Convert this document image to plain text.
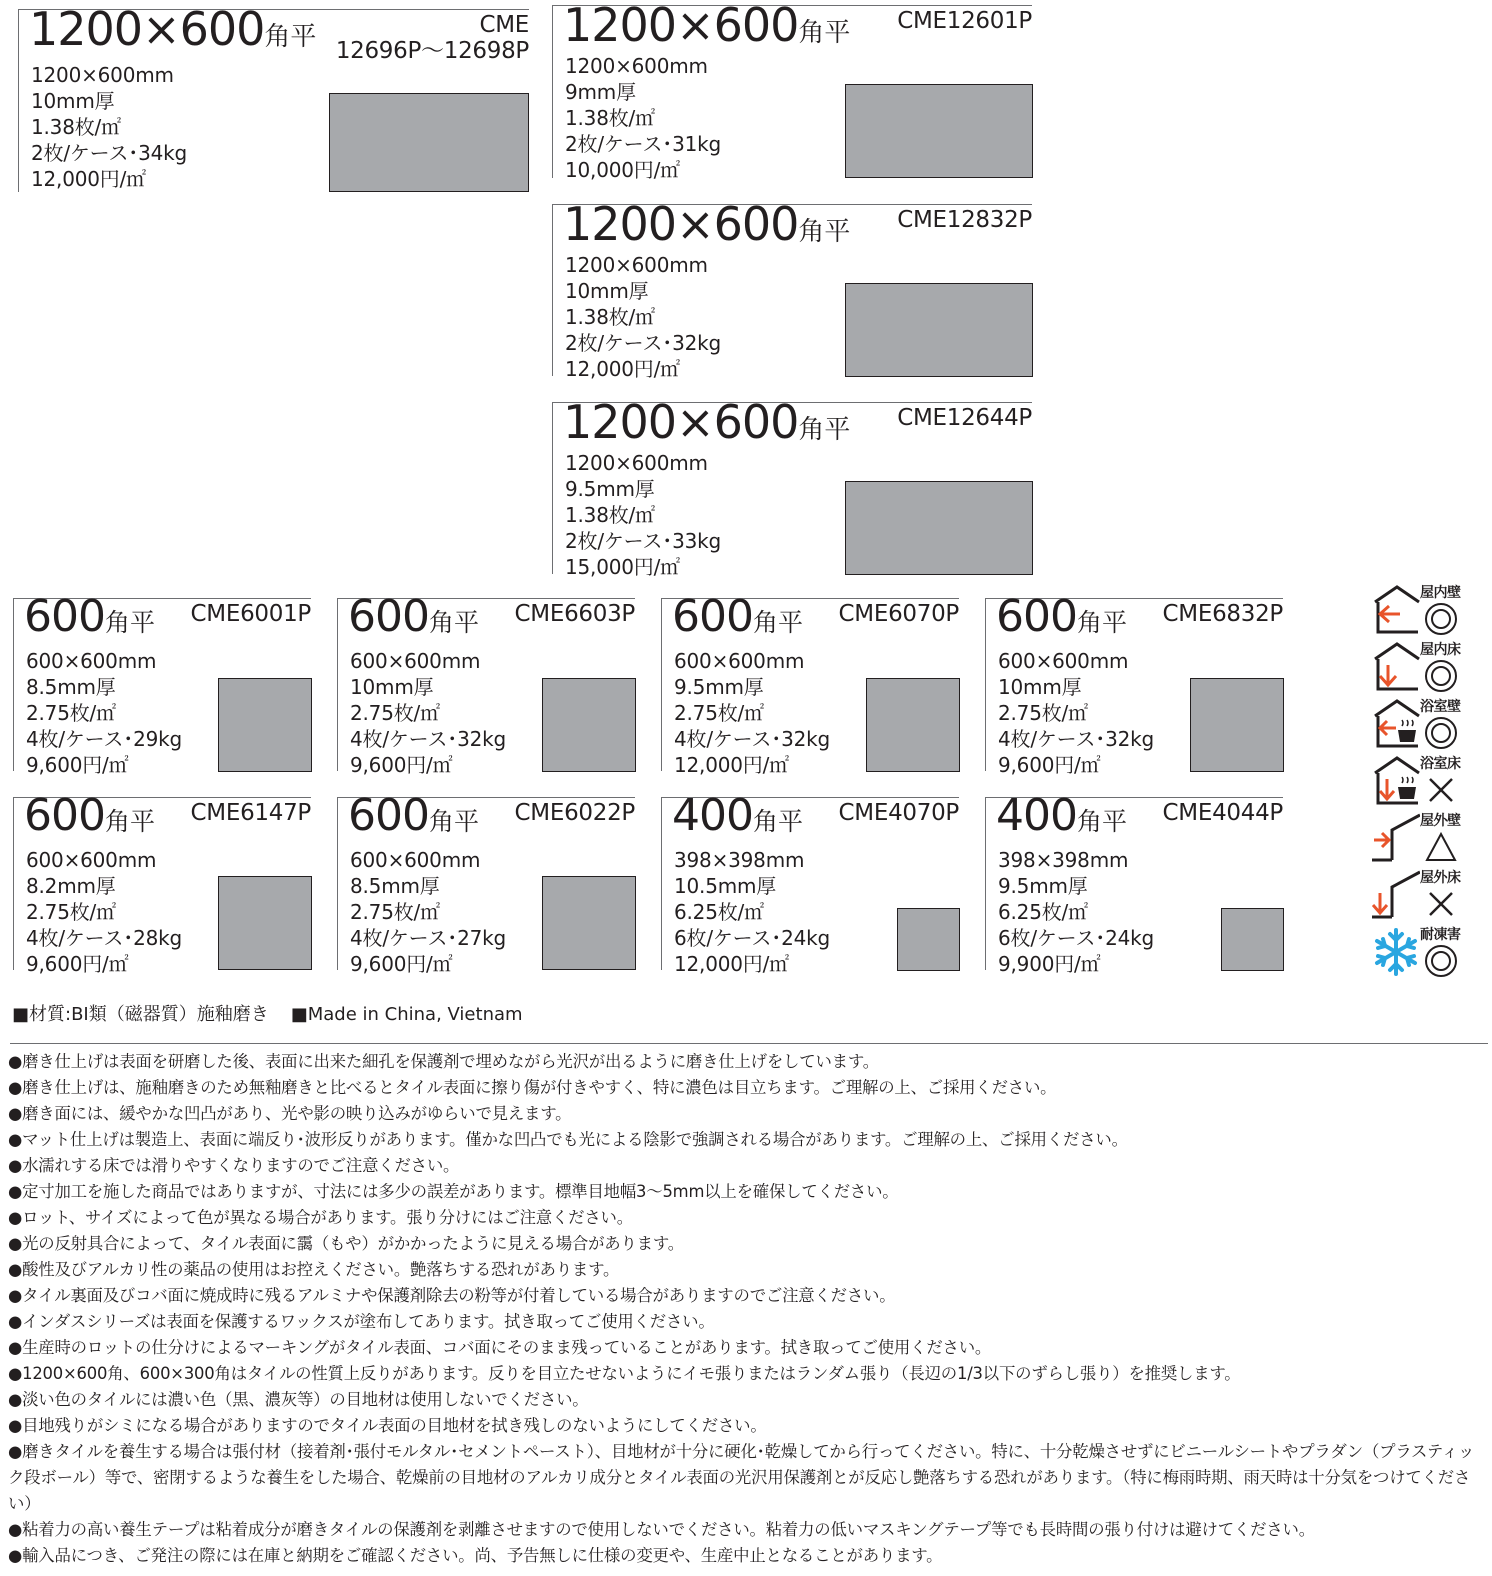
1200×600角平	CME
12696P～12698P
1200×600mm
10mm厚
1.38枚/㎡
2枚/ケース･34kg
12,000円/㎡
1200×600角平 CME12601P
1200×600mm
9mm厚
1.38枚/㎡
2枚/ケース･31kg
10,000円/㎡
1200×600角平 CME12832P
1200×600mm
10mm厚
1.38枚/㎡
2枚/ケース･32kg
12,000円/㎡
1200×600角平 CME12644P
1200×600mm
9.5mm厚
1.38枚/㎡
2枚/ケース･33kg
15,000円/㎡
600角平 CME6001P
600×600mm
8.5mm厚
2.75枚/㎡
4枚/ケース･29kg
9,600円/㎡
600角平 CME6603P
600×600mm
10mm厚
2.75枚/㎡
4枚/ケース･32kg
9,600円/㎡
600角平 CME6070P
600×600mm
9.5mm厚
2.75枚/㎡
4枚/ケース･32kg
12,000円/㎡
600角平 CME6832P
600×600mm
10mm厚
2.75枚/㎡
4枚/ケース･32kg
9,600円/㎡
600角平 CME6147P
600×600mm
8.2mm厚
2.75枚/㎡
4枚/ケース･28kg
9,600円/㎡
600角平 CME6022P
600×600mm
8.5mm厚
2.75枚/㎡
4枚/ケース･27kg
9,600円/㎡
400角平 CME4070P
398×398mm
10.5mm厚
6.25枚/㎡
6枚/ケース･24kg
12,000円/㎡
400角平 CME4044P
398×398mm
9.5mm厚
6.25枚/㎡
6枚/ケース･24kg
9,900円/㎡
屋内壁
屋内床
浴室壁
浴室床
屋外壁
屋外床
耐凍害
■材質:BI類（磁器質）施釉磨き ■Made in China, Vietnam
●磨き仕上げは表面を研磨した後、表面に出来た細孔を保護剤で埋めながら光沢が出るように磨き仕上げをしています。
●磨き仕上げは、施釉磨きのため無釉磨きと比べるとタイル表面に擦り傷が付きやすく、特に濃色は目立ちます。ご理解の上、ご採用ください。
●磨き面には、緩やかな凹凸があり、光や影の映り込みがゆらいで見えます。
●マット仕上げは製造上、表面に端反り･波形反りがあります。僅かな凹凸でも光による陰影で強調される場合があります。ご理解の上、ご採用ください。
●水濡れする床では滑りやすくなりますのでご注意ください。
●定寸加工を施した商品ではありますが、寸法には多少の誤差があります。標準目地幅3～5mm以上を確保してください。
●ロット、サイズによって色が異なる場合があります。張り分けにはご注意ください。
●光の反射具合によって、タイル表面に靄（もや）がかかったように見える場合があります。
●酸性及びアルカリ性の薬品の使用はお控えください。艶落ちする恐れがあります。
●タイル裏面及びコバ面に焼成時に残るアルミナや保護剤除去の粉等が付着している場合がありますのでご注意ください。
●インダスシリーズは表面を保護するワックスが塗布してあります。拭き取ってご使用ください。
●生産時のロットの仕分けによるマーキングがタイル表面、コバ面にそのまま残っていることがあります。拭き取ってご使用ください。
●1200×600角、600×300角はタイルの性質上反りがあります。反りを目立たせないようにイモ張りまたはランダム張り（長辺の1/3以下のずらし張り）を推奨します。
●淡い色のタイルには濃い色（黒、濃灰等）の目地材は使用しないでください。
●目地残りがシミになる場合がありますのでタイル表面の目地材を拭き残しのないようにしてください。
●磨きタイルを養生する場合は張付材（接着剤･張付モルタル･セメントペースト）、目地材が十分に硬化･乾燥してから行ってください。特に、十分乾燥させずにビニールシートやプラダン（プラスティック段ボール）等で、密閉するような養生をした場合、乾燥前の目地材のアルカリ成分とタイル表面の光沢用保護剤とが反応し艶落ちする恐れがあります。（特に梅雨時期、雨天時は十分気をつけてください）
●粘着力の高い養生テープは粘着成分が磨きタイルの保護剤を剥離させますので使用しないでください。粘着力の低いマスキングテープ等でも長時間の張り付けは避けてください。
●輸入品につき、ご発注の際には在庫と納期をご確認ください。尚、予告無しに仕様の変更や、生産中止となることがあります。
